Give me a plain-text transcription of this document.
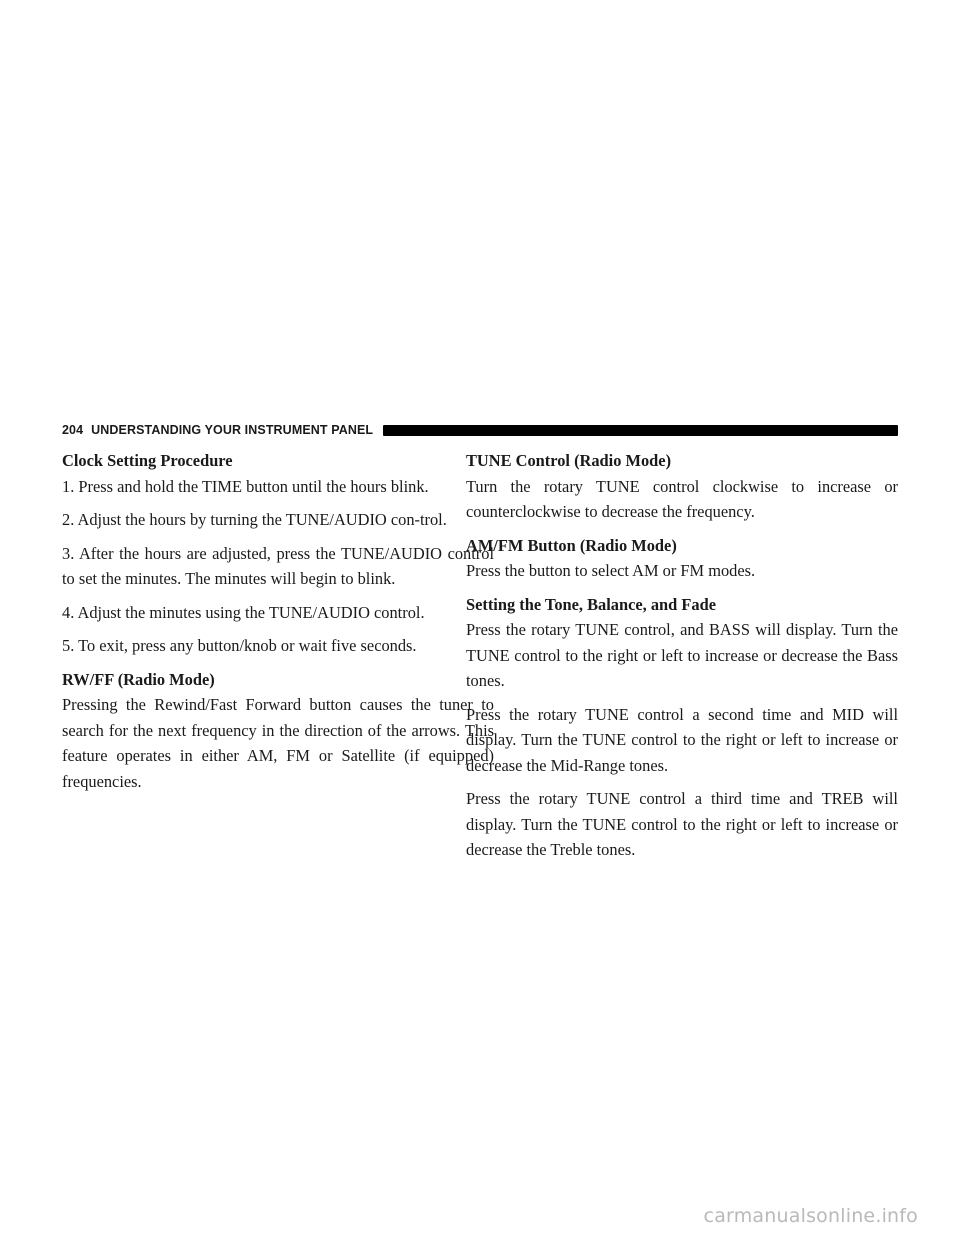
204 UNDERSTANDING YOUR INSTRUMENT PANEL
Clock Setting Procedure

1. Press and hold the TIME button until the hours blink.

2. Adjust the hours by turning the TUNE/AUDIO con-trol.

3. After the hours are adjusted, press the TUNE/AUDIO control to set the minutes. The minutes will begin to blink.

4. Adjust the minutes using the TUNE/AUDIO control.

5. To exit, press any button/knob or wait five seconds.

RW/FF (Radio Mode)

Pressing the Rewind/Fast Forward button causes the tuner to search for the next frequency in the direction of the arrows. This feature operates in either AM, FM or Satellite (if equipped) frequencies.

TUNE Control (Radio Mode)

Turn the rotary TUNE control clockwise to increase or counterclockwise to decrease the frequency.

AM/FM Button (Radio Mode)

Press the button to select AM or FM modes.

Setting the Tone, Balance, and Fade

Press the rotary TUNE control, and BASS will display. Turn the TUNE control to the right or left to increase or decrease the Bass tones.

Press the rotary TUNE control a second time and MID will display. Turn the TUNE control to the right or left to increase or decrease the Mid-Range tones.

Press the rotary TUNE control a third time and TREB will display. Turn the TUNE control to the right or left to increase or decrease the Treble tones.

carmanualsonline.info
